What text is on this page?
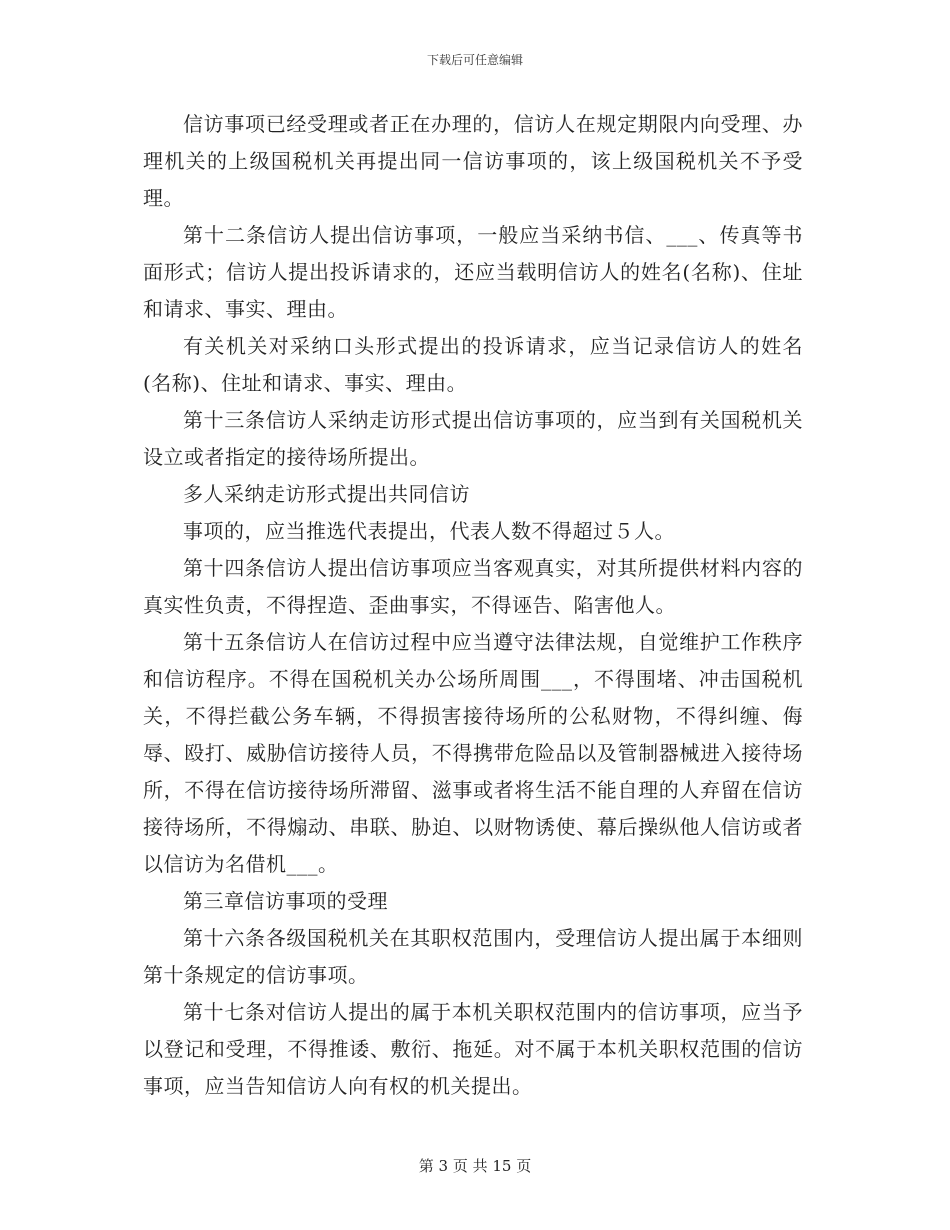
下载后可任意编辑

信访事项已经受理或者正在办理的，信访人在规定期限内向受理、办理机关的上级国税机关再提出同一信访事项的，该上级国税机关不予受理。

第十二条信访人提出信访事项，一般应当采纳书信、___、传真等书面形式；信访人提出投诉请求的，还应当载明信访人的姓名(名称)、住址和请求、事实、理由。

有关机关对采纳口头形式提出的投诉请求，应当记录信访人的姓名(名称)、住址和请求、事实、理由。

第十三条信访人采纳走访形式提出信访事项的，应当到有关国税机关设立或者指定的接待场所提出。

多人采纳走访形式提出共同信访

事项的，应当推选代表提出，代表人数不得超过５人。

第十四条信访人提出信访事项应当客观真实，对其所提供材料内容的真实性负责，不得捏造、歪曲事实，不得诬告、陷害他人。

第十五条信访人在信访过程中应当遵守法律法规，自觉维护工作秩序和信访程序。不得在国税机关办公场所周围___，不得围堵、冲击国税机关，不得拦截公务车辆，不得损害接待场所的公私财物，不得纠缠、侮辱、殴打、威胁信访接待人员，不得携带危险品以及管制器械进入接待场所，不得在信访接待场所滞留、滋事或者将生活不能自理的人弃留在信访接待场所，不得煽动、串联、胁迫、以财物诱使、幕后操纵他人信访或者以信访为名借机___。

第三章信访事项的受理

第十六条各级国税机关在其职权范围内，受理信访人提出属于本细则第十条规定的信访事项。

第十七条对信访人提出的属于本机关职权范围内的信访事项，应当予以登记和受理，不得推诿、敷衍、拖延。对不属于本机关职权范围的信访事项，应当告知信访人向有权的机关提出。

第 3 页 共 15 页
